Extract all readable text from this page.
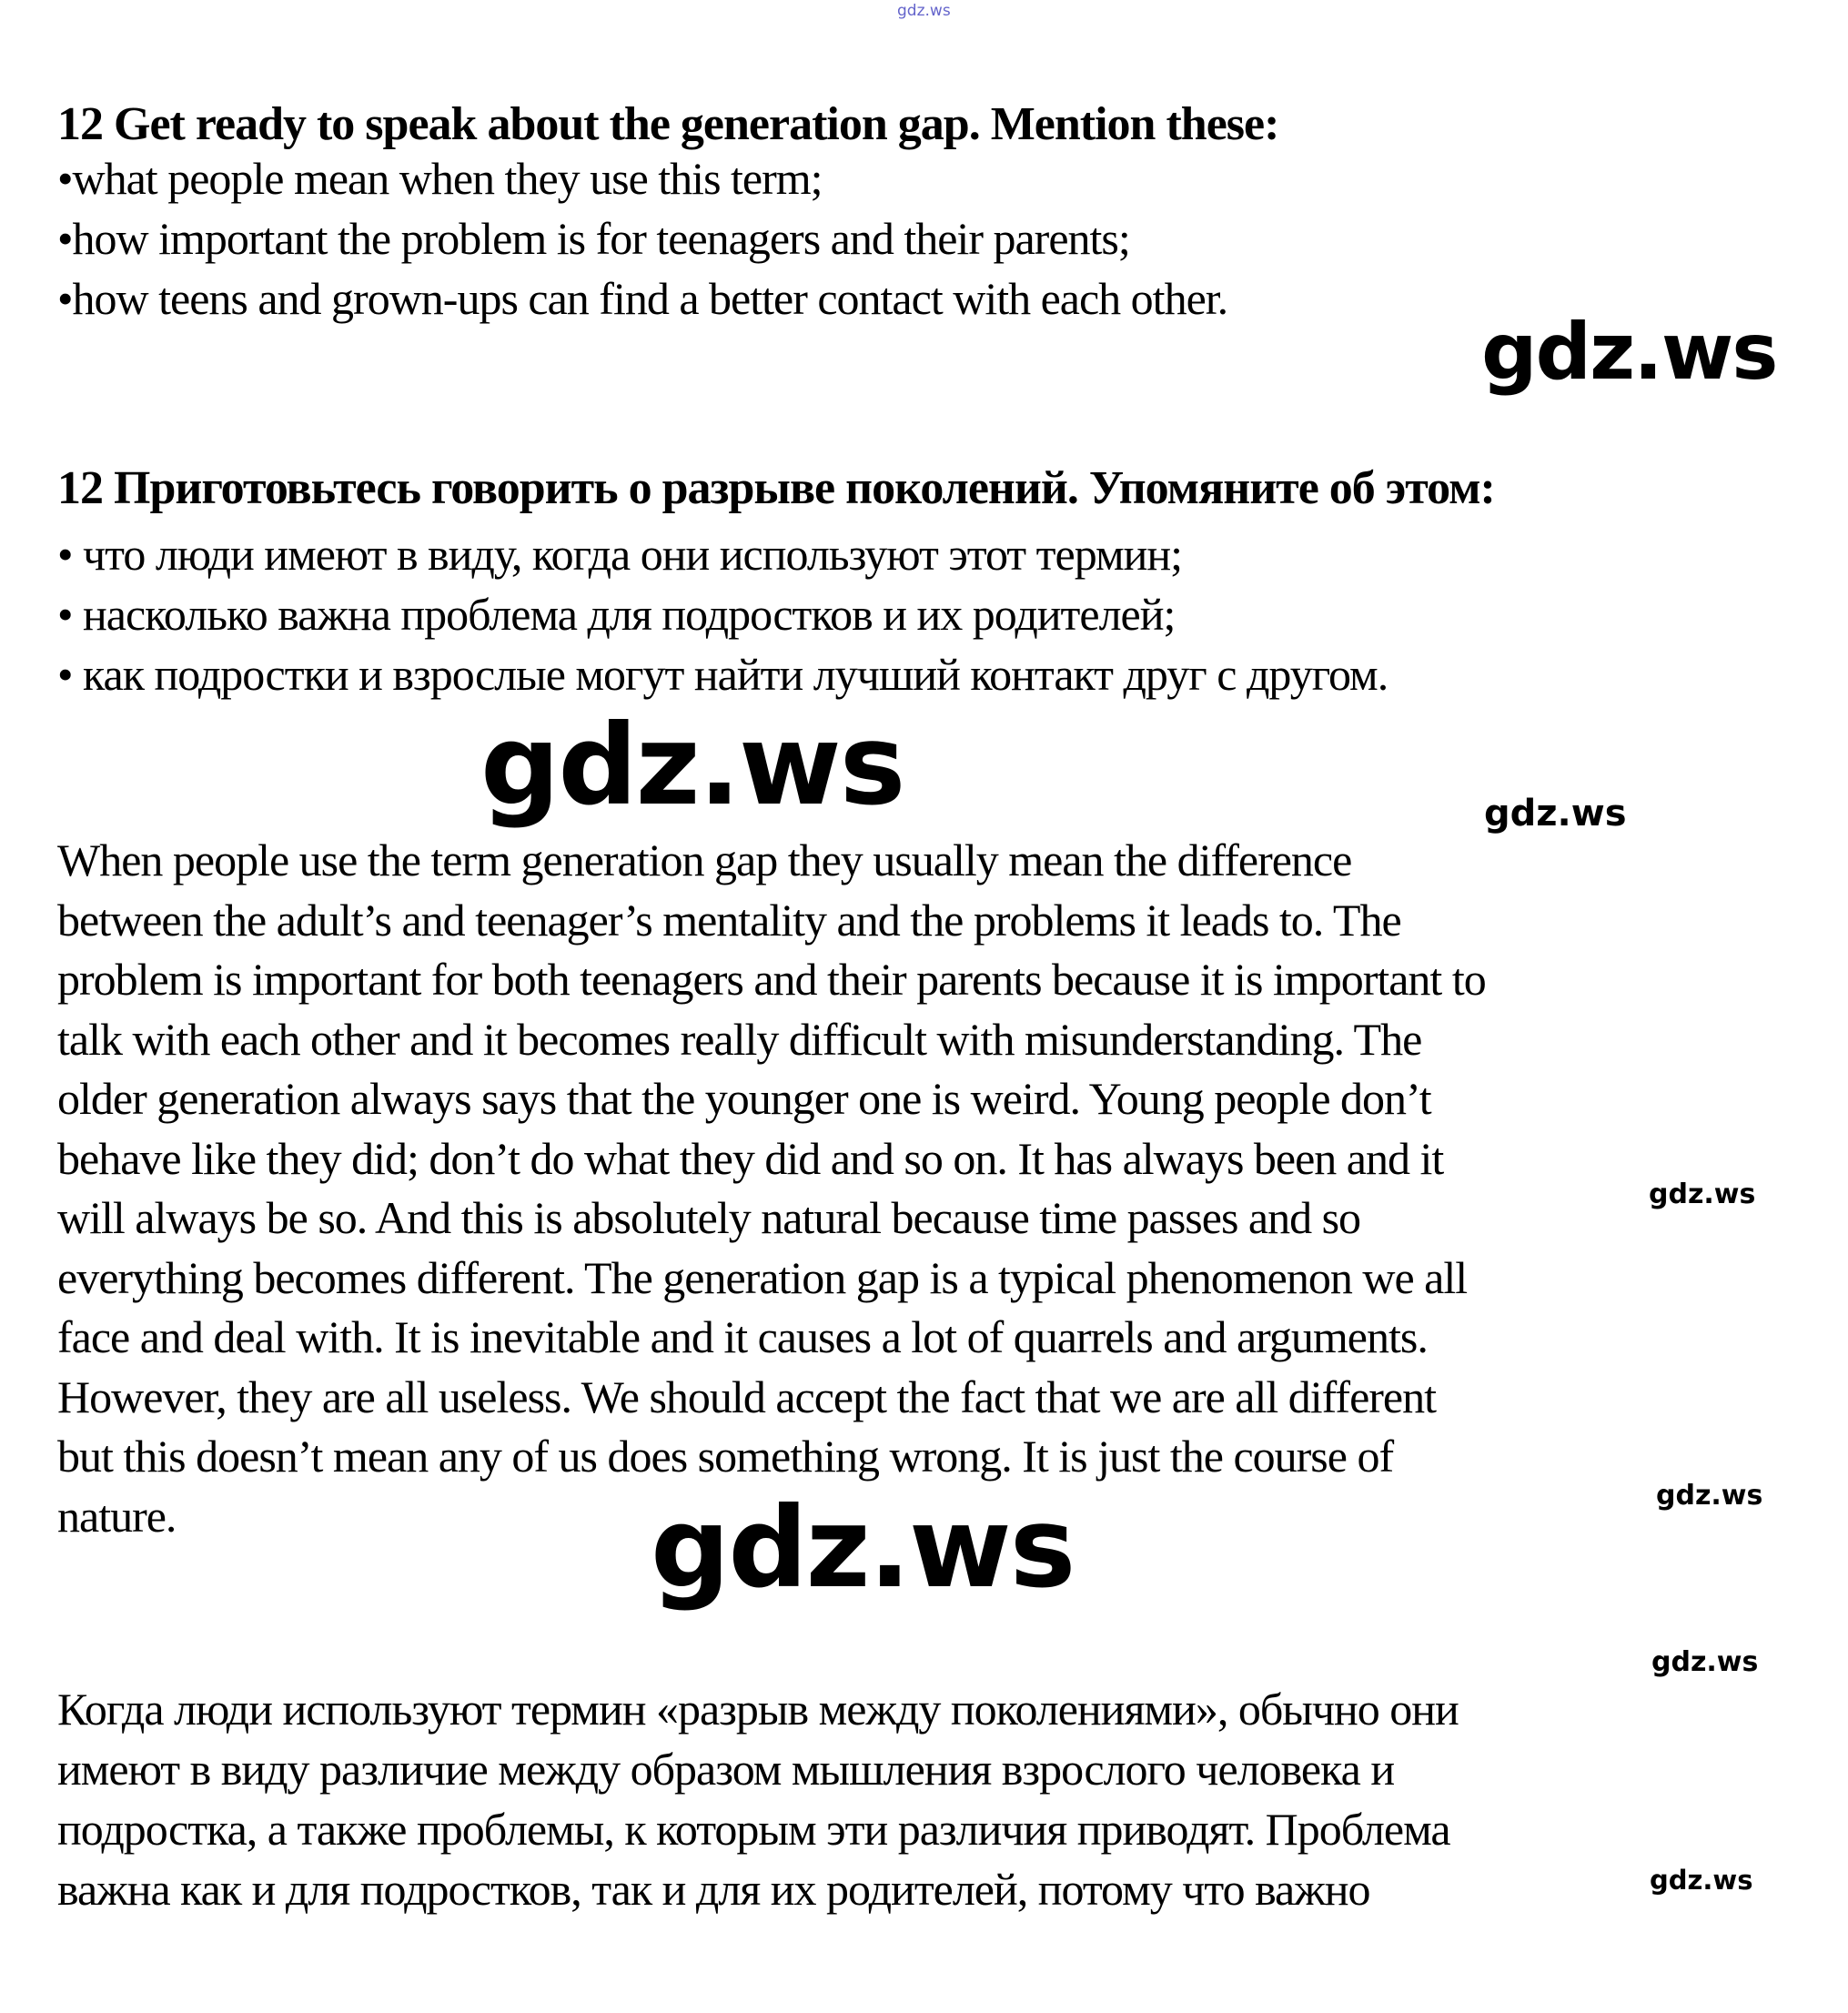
gdz.ws
gdz.ws
gdz.ws
gdz.ws
gdz.ws
gdz.ws
gdz.ws
gdz.ws
gdz.ws
12 Get ready to speak about the generation gap. Mention these:
•what people mean when they use this term;
•how important the problem is for teenagers and their parents;
•how teens and grown-ups can find a better contact with each other.
12 Приготовьтесь говорить о разрыве поколений. Упомяните об этом:
• что люди имеют в виду, когда они используют этот термин;
• насколько важна проблема для подростков и их родителей;
• как подростки и взрослые могут найти лучший контакт друг с другом.
When people use the term generation gap they usually mean the difference
between the adult’s and teenager’s mentality and the problems it leads to. The
problem is important for both teenagers and their parents because it is important to
talk with each other and it becomes really difficult with misunderstanding. The
older generation always says that the younger one is weird. Young people don’t
behave like they did; don’t do what they did and so on. It has always been and it
will always be so. And this is absolutely natural because time passes and so
everything becomes different. The generation gap is a typical phenomenon we all
face and deal with. It is inevitable and it causes a lot of quarrels and arguments.
However, they are all useless. We should accept the fact that we are all different
but this doesn’t mean any of us does something wrong. It is just the course of
nature.
Когда люди используют термин «разрыв между поколениями», обычно они
имеют в виду различие между образом мышления взрослого человека и
подростка, а также проблемы, к которым эти различия приводят. Проблема
важна как и для подростков, так и для их родителей, потому что важно
